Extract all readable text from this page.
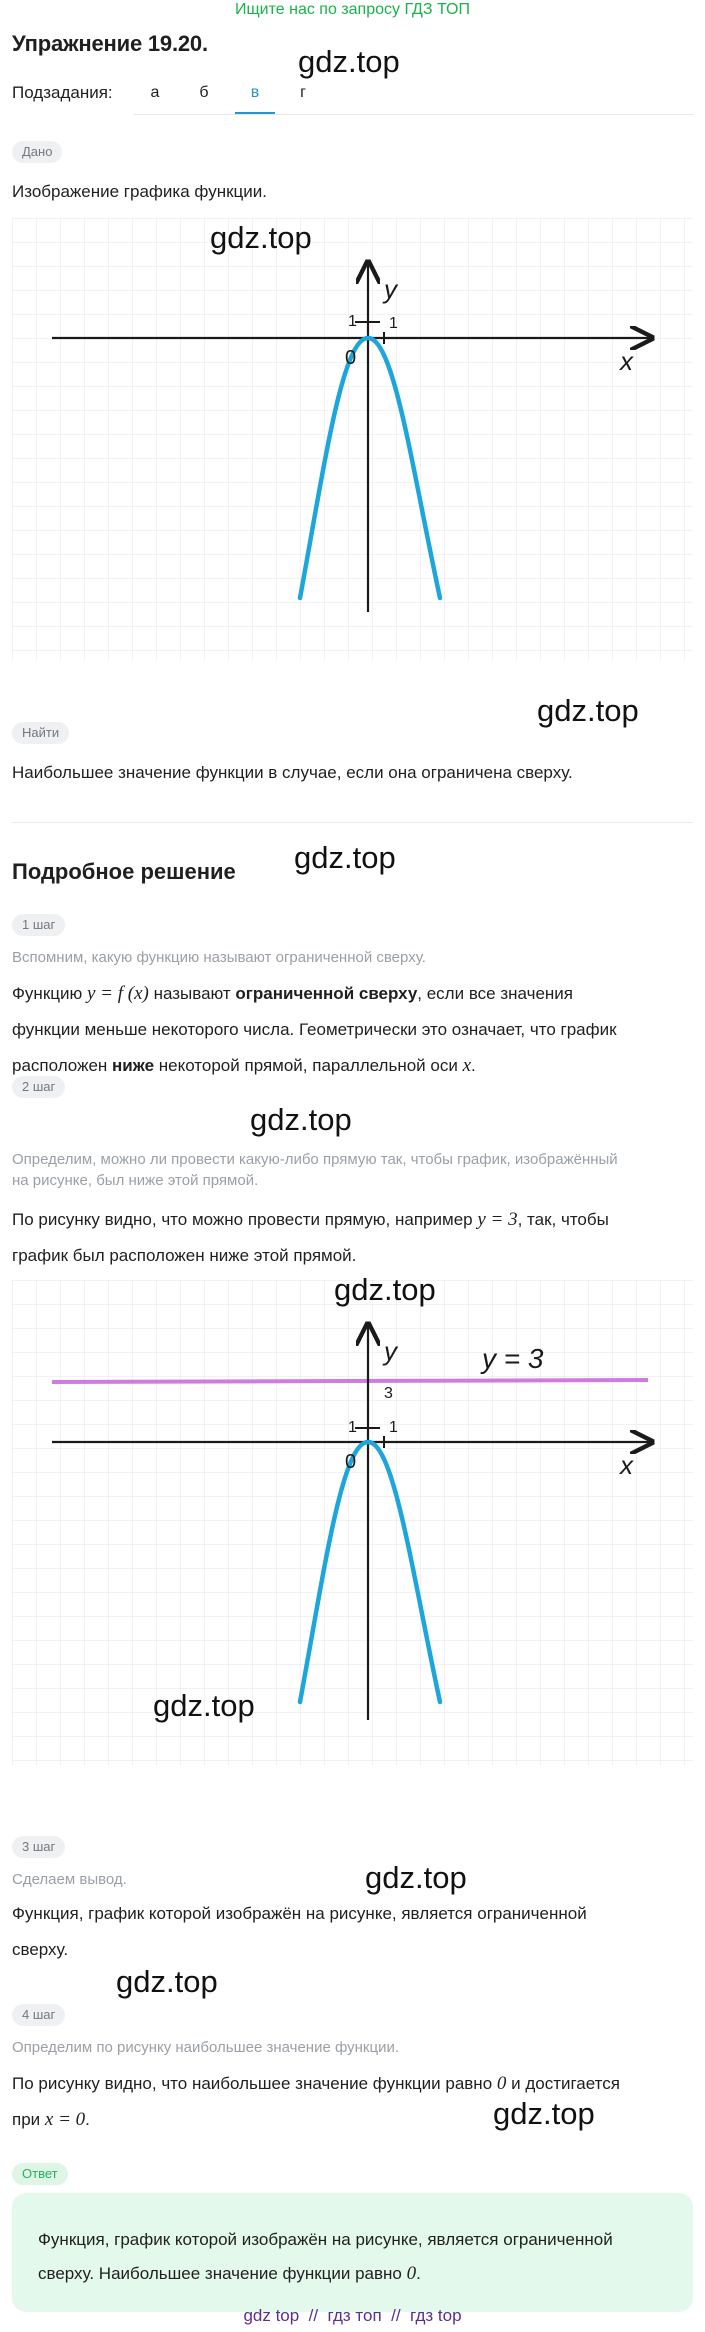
Ищите нас по запросу ГДЗ ТОП
Упражнение 19.20.
gdz.top
Подзадания:	а	б	в	г
Дано
Изображение графика функции.
y
x
1 1
0
gdz.top
gdz.top
Найти
Наибольшее значение функции в случае, если она ограничена сверху.
Подробное решение gdz.top
1 шаг
Вспомним, какую функцию называют ограниченной сверху.
Функцию y = f (x) называют ограниченной сверху, если все значения
функции меньше некоторого числа. Геометрически это означает, что график
расположен ниже некоторой прямой, параллельной оси x.
gdz.top
2 шаг
Определим, можно ли провести какую-либо прямую так, чтобы график, изображённый
на рисунке, был ниже этой прямой.
По рисунку видно, что можно провести прямую, например y = 3, так, чтобы
график был расположен ниже этой прямой.
y	y = 3
x
3
1 1
0
gdz.top
gdz.top
3 шаг
Сделаем вывод.	gdz.top
Функция, график которой изображён на рисунке, является ограниченной
сверху.
gdz.top
4 шаг
Определим по рисунку наибольшее значение функции.
По рисунку видно, что наибольшее значение функции равно 0 и достигается
при x = 0.	gdz.top
Ответ
Функция, график которой изображён на рисунке, является ограниченной
сверху. Наибольшее значение функции равно 0.
gdz top  //  гдз топ  //  гдз top
